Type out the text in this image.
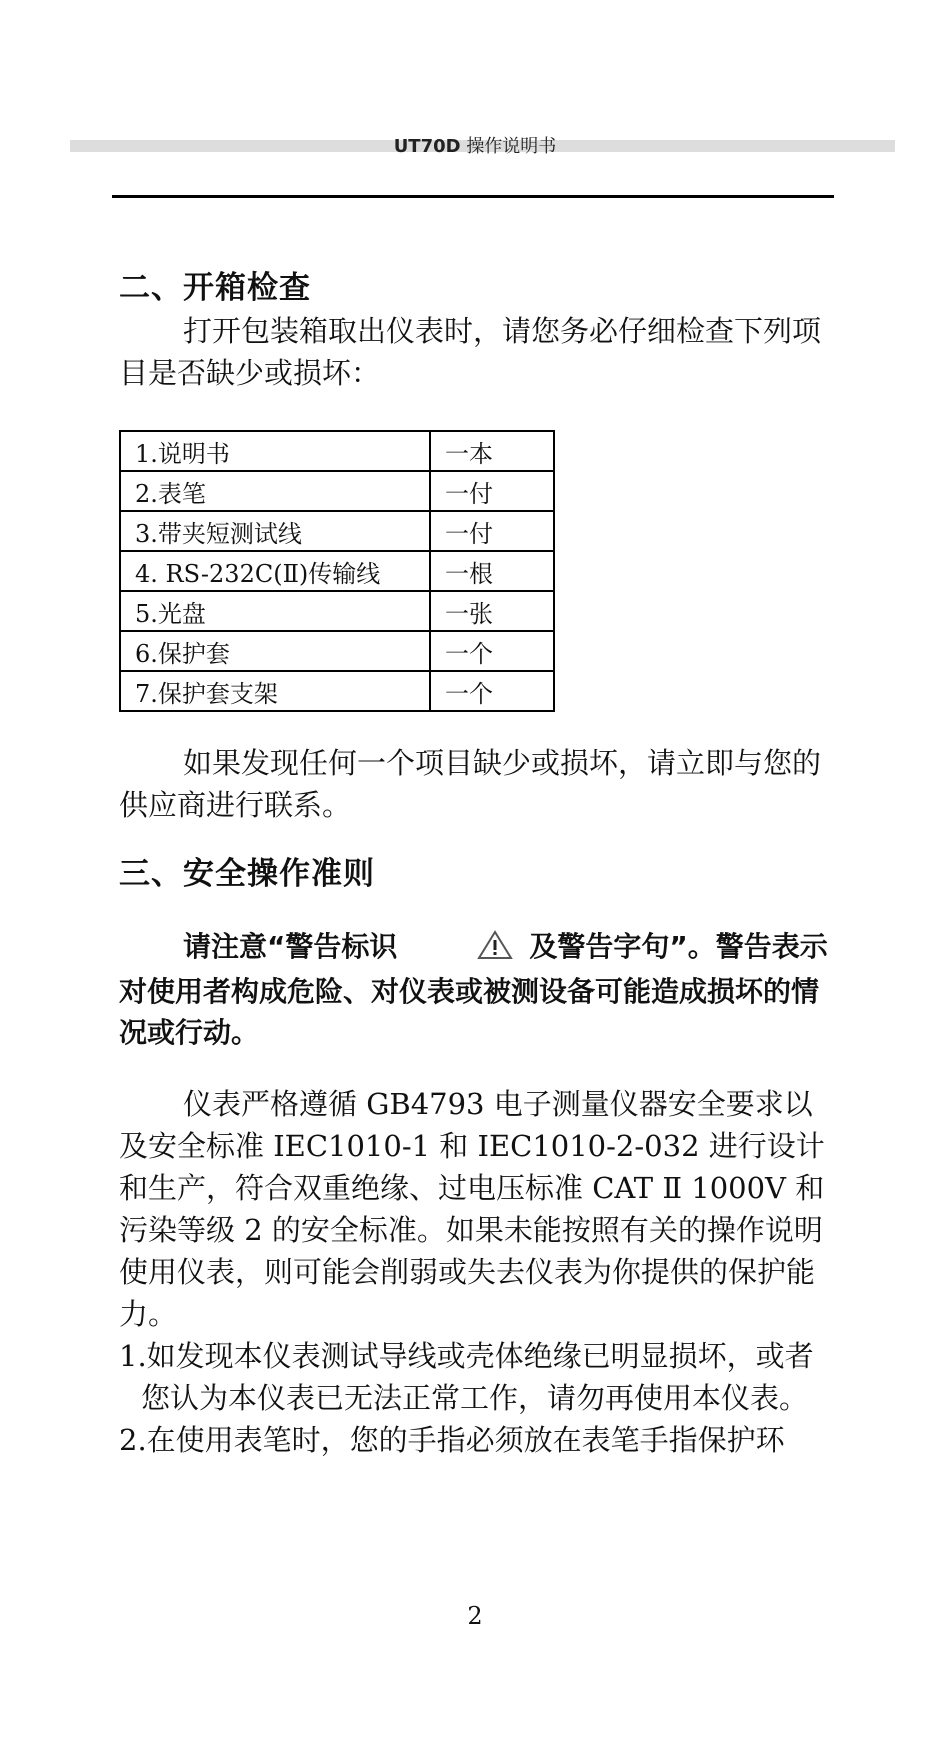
UT70D 操作说明书
二、开箱检查

打开包装箱取出仪表时，请您务必仔细检查下列项目是否缺少或损坏：

1.说明书	一本
2.表笔	一付
3.带夹短测试线	一付
4. RS-232C(Ⅱ)传输线	一根
5.光盘	一张
6.保护套	一个
7.保护套支架	一个

如果发现任何一个项目缺少或损坏，请立即与您的供应商进行联系。

三、安全操作准则

请注意“警告标识	及警告字句”。警告表示对使用者构成危险、对仪表或被测设备可能造成损坏的情况或行动。

仪表严格遵循 GB4793 电子测量仪器安全要求以及安全标准 IEC1010-1 和 IEC1010-2-032 进行设计和生产，符合双重绝缘、过电压标准 CAT Ⅱ 1000V 和污染等级 2 的安全标准。如果未能按照有关的操作说明使用仪表，则可能会削弱或失去仪表为你提供的保护能力。

1.如发现本仪表测试导线或壳体绝缘已明显损坏，或者您认为本仪表已无法正常工作，请勿再使用本仪表。

2.在使用表笔时，您的手指必须放在表笔手指保护环

2
